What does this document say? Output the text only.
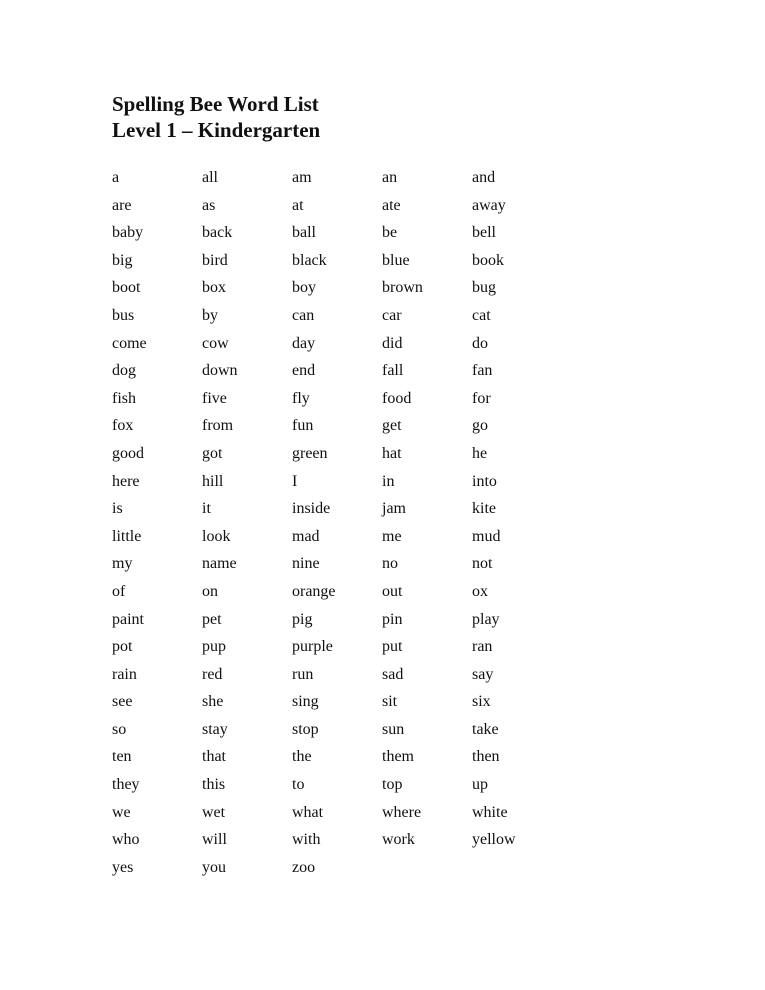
Spelling Bee Word List
Level 1 – Kindergarten
a	all	am	an	and
are	as	at	ate	away
baby	back	ball	be	bell
big	bird	black	blue	book
boot	box	boy	brown	bug
bus	by	can	car	cat
come	cow	day	did	do
dog	down	end	fall	fan
fish	five	fly	food	for
fox	from	fun	get	go
good	got	green	hat	he
here	hill	I	in	into
is	it	inside	jam	kite
little	look	mad	me	mud
my	name	nine	no	not
of	on	orange	out	ox
paint	pet	pig	pin	play
pot	pup	purple	put	ran
rain	red	run	sad	say
see	she	sing	sit	six
so	stay	stop	sun	take
ten	that	the	them	then
they	this	to	top	up
we	wet	what	where	white
who	will	with	work	yellow
yes	you	zoo
